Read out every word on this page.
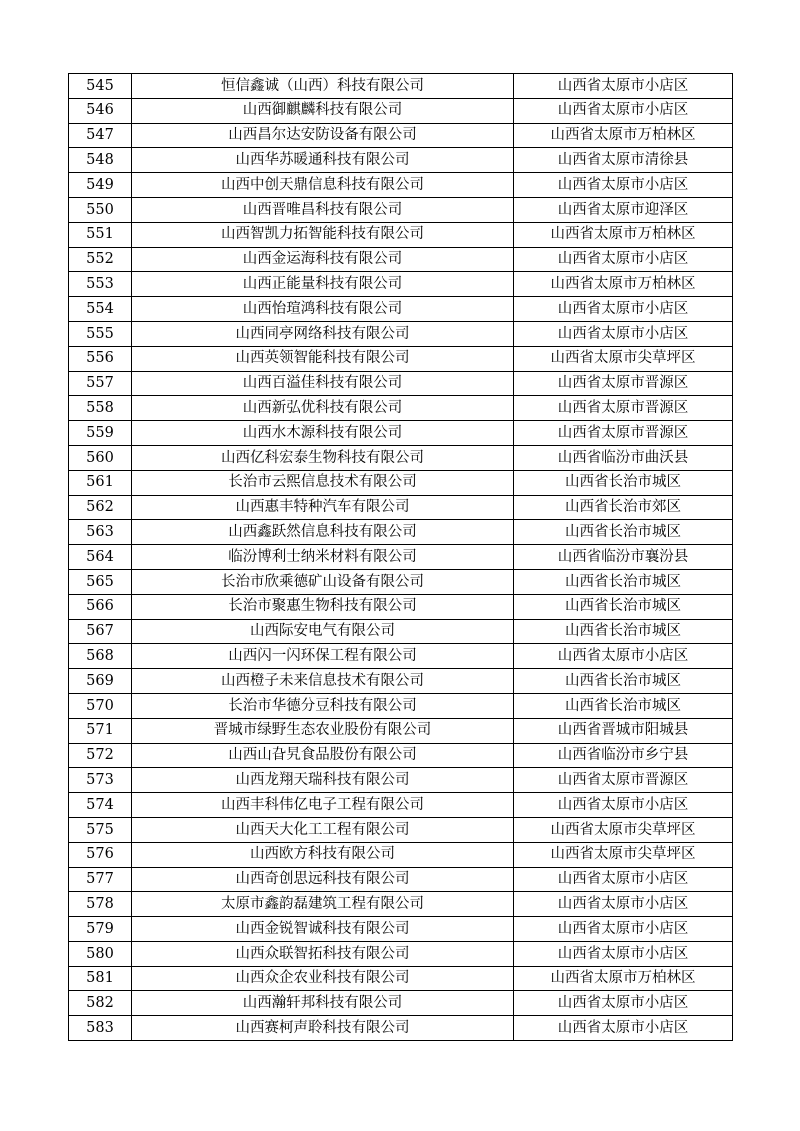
545	恒信鑫诚（山西）科技有限公司	山西省太原市小店区
546	山西御麒麟科技有限公司	山西省太原市小店区
547	山西昌尔达安防设备有限公司	山西省太原市万柏林区
548	山西华苏暖通科技有限公司	山西省太原市清徐县
549	山西中创天鼎信息科技有限公司	山西省太原市小店区
550	山西晋唯昌科技有限公司	山西省太原市迎泽区
551	山西智凯力拓智能科技有限公司	山西省太原市万柏林区
552	山西金运海科技有限公司	山西省太原市小店区
553	山西正能量科技有限公司	山西省太原市万柏林区
554	山西怡瑄鸿科技有限公司	山西省太原市小店区
555	山西同亭网络科技有限公司	山西省太原市小店区
556	山西英领智能科技有限公司	山西省太原市尖草坪区
557	山西百溢佳科技有限公司	山西省太原市晋源区
558	山西新弘优科技有限公司	山西省太原市晋源区
559	山西水木源科技有限公司	山西省太原市晋源区
560	山西亿科宏泰生物科技有限公司	山西省临汾市曲沃县
561	长治市云熙信息技术有限公司	山西省长治市城区
562	山西惠丰特种汽车有限公司	山西省长治市郊区
563	山西鑫跃然信息科技有限公司	山西省长治市城区
564	临汾博利士纳米材料有限公司	山西省临汾市襄汾县
565	长治市欣乘德矿山设备有限公司	山西省长治市城区
566	长治市聚惠生物科技有限公司	山西省长治市城区
567	山西际安电气有限公司	山西省长治市城区
568	山西闪一闪环保工程有限公司	山西省太原市小店区
569	山西橙子未来信息技术有限公司	山西省长治市城区
570	长治市华德分豆科技有限公司	山西省长治市城区
571	晋城市绿野生态农业股份有限公司	山西省晋城市阳城县
572	山西山旮旯食品股份有限公司	山西省临汾市乡宁县
573	山西龙翔天瑞科技有限公司	山西省太原市晋源区
574	山西丰科伟亿电子工程有限公司	山西省太原市小店区
575	山西天大化工工程有限公司	山西省太原市尖草坪区
576	山西欧方科技有限公司	山西省太原市尖草坪区
577	山西奇创思远科技有限公司	山西省太原市小店区
578	太原市鑫韵磊建筑工程有限公司	山西省太原市小店区
579	山西金锐智诚科技有限公司	山西省太原市小店区
580	山西众联智拓科技有限公司	山西省太原市小店区
581	山西众企农业科技有限公司	山西省太原市万柏林区
582	山西瀚轩邦科技有限公司	山西省太原市小店区
583	山西赛柯声聆科技有限公司	山西省太原市小店区
